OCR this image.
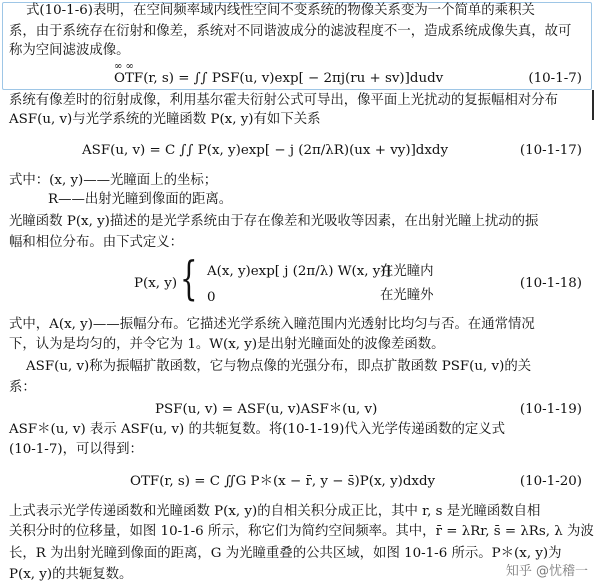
式(10-1-6)表明，在空间频率域内线性空间不变系统的物像关系变为一个简单的乘积关
系，由于系统存在衍射和像差，系统对不同谐波成分的滤波程度不一，造成系统成像失真，故可
称为空间滤波成像。
∞ ∞
OTF(r, s) = ∫∫ PSF(u, v)exp[ − 2πj(ru + sv)]dudv	(10-1-7)
系统有像差时的衍射成像，利用基尔霍夫衍射公式可导出，像平面上光扰动的复振幅相对分布
ASF(u, v)与光学系统的光瞳函数 P(x, y)有如下关系
ASF(u, v) = C ∫∫ P(x, y)exp[ − j (2π/λR)(ux + vy)]dxdy	(10-1-17)
式中：(x, y)——光瞳面上的坐标；
R——出射光瞳到像面的距离。
光瞳函数 P(x, y)描述的是光学系统由于存在像差和光吸收等因素，在出射光瞳上扰动的振
幅和相位分布。由下式定义：
P(x, y) { A(x, y)exp[ j (2π/λ) W(x, y)]
在光瞳内
0	在光瞳外
(10-1-18)
式中，A(x, y)——振幅分布。它描述光学系统入瞳范围内光透射比均匀与否。在通常情况
下，认为是均匀的，并令它为 1。W(x, y)是出射光瞳面处的波像差函数。
ASF(u, v)称为振幅扩散函数，它与物点像的光强分布，即点扩散函数 PSF(u, v)的关
系：
PSF(u, v) = ASF(u, v)ASF＊(u, v)	(10-1-19)
ASF＊(u, v) 表示 ASF(u, v) 的共轭复数。将(10-1-19)代入光学传递函数的定义式
(10-1-7)，可以得到：
OTF(r, s) = C ∬G P＊(x − r̄, y − s̄)P(x, y)dxdy	(10-1-20)
上式表示光学传递函数和光瞳函数 P(x, y)的自相关积分成正比，其中 r, s 是光瞳函数自相
关积分时的位移量，如图 10-1-6 所示，称它们为简约空间频率。其中，r̄ = λRr, s̄ = λRs, λ 为波
长，R 为出射光瞳到像面的距离，G 为光瞳重叠的公共区域，如图 10-1-6 所示。P＊(x, y)为
P(x, y)的共轭复数。	知乎 @忧稽一
